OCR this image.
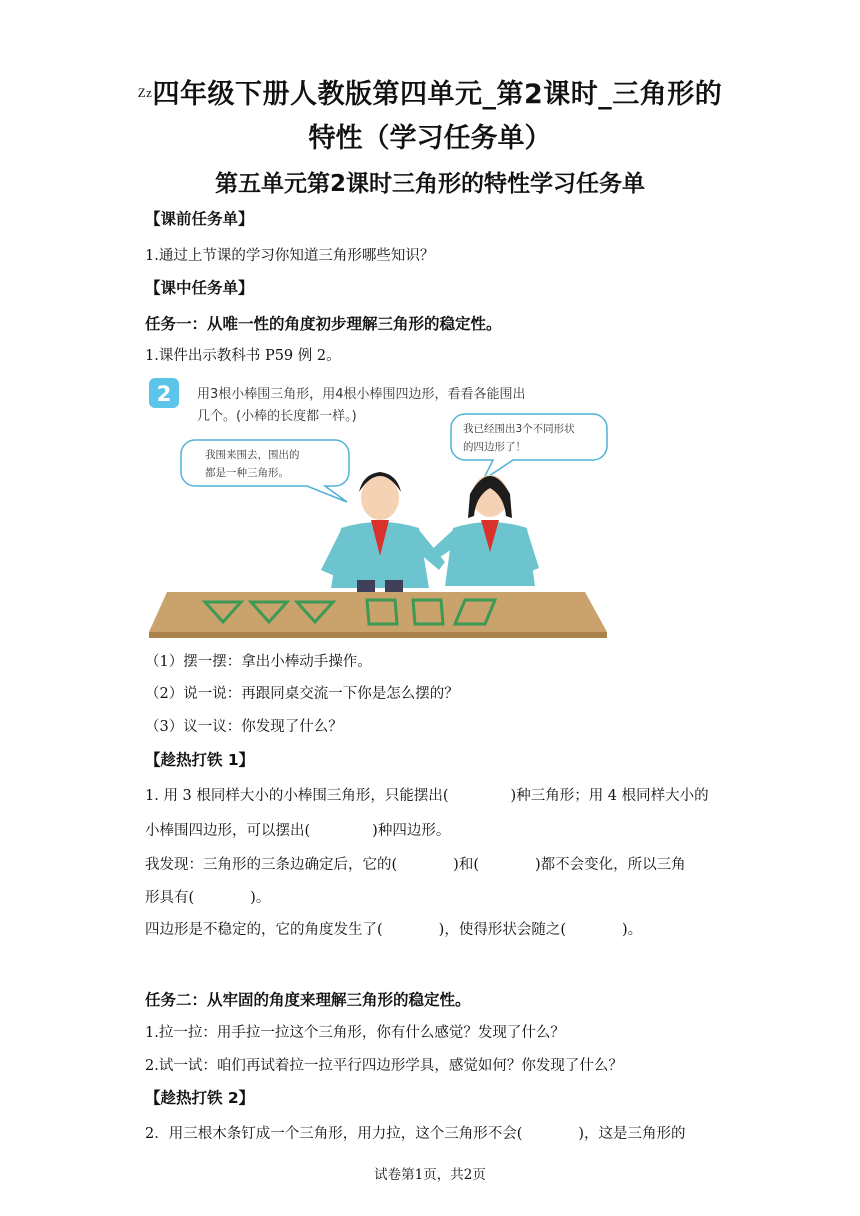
$^{Zz}$四年级下册人教版第四单元_第2课时_三角形的
特性（学习任务单）
第五单元第2课时三角形的特性学习任务单
【课前任务单】
1.通过上节课的学习你知道三角形哪些知识？
【课中任务单】
任务一：从唯一性的角度初步理解三角形的稳定性。
1.课件出示教科书 P59 例 2。
2 用3根小棒围三角形，用4根小棒围四边形，看看各能围出
几个。(小棒的长度都一样。)
我围来围去，围出的
都是一种三角形。
我已经围出3个不同形状
的四边形了！
（1）摆一摆：拿出小棒动手操作。
（2）说一说：再跟同桌交流一下你是怎么摆的？
（3）议一议：你发现了什么？
【趁热打铁 1】
1. 用 3 根同样大小的小棒围三角形，只能摆出(	)种三角形；用 4 根同样大小的
小棒围四边形，可以摆出(	)种四边形。
我发现：三角形的三条边确定后，它的(	)和(	)都不会变化，所以三角
形具有(	)。
四边形是不稳定的，它的角度发生了(	)，使得形状会随之(	)。
任务二：从牢固的角度来理解三角形的稳定性。
1.拉一拉：用手拉一拉这个三角形，你有什么感觉？发现了什么？
2.试一试：咱们再试着拉一拉平行四边形学具，感觉如何？你发现了什么？
【趁热打铁 2】
2．用三根木条钉成一个三角形，用力拉，这个三角形不会(	)，这是三角形的
试卷第1页，共2页
